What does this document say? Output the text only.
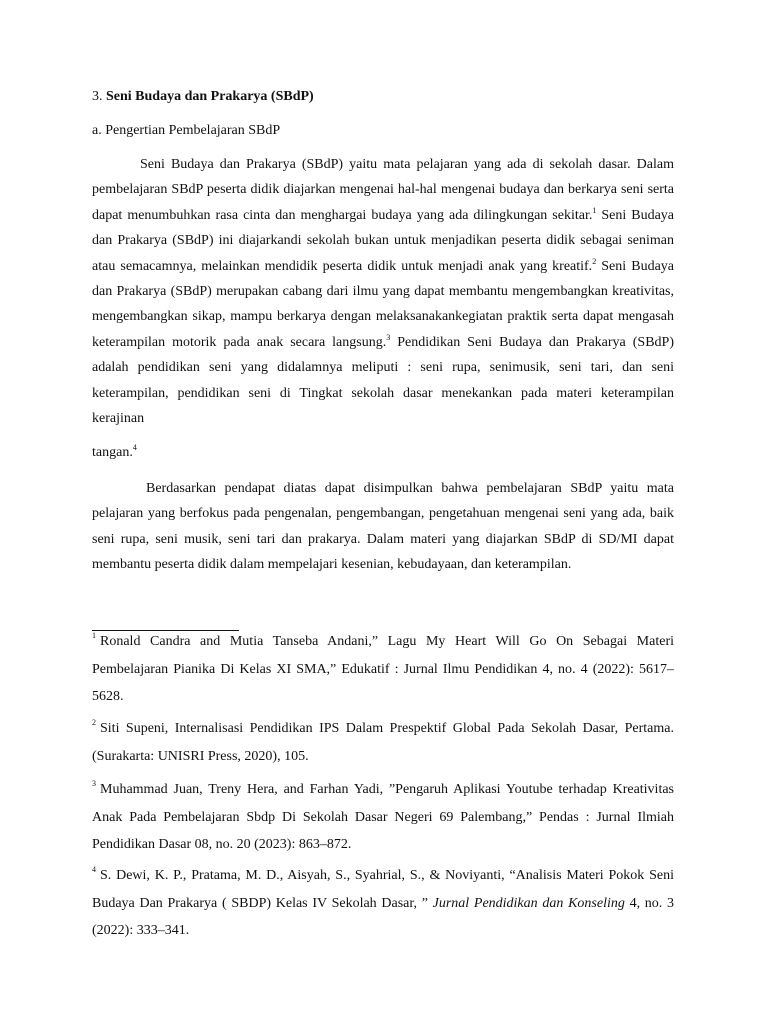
3. Seni Budaya dan Prakarya (SBdP)
a. Pengertian Pembelajaran SBdP

Seni Budaya dan Prakarya (SBdP) yaitu mata pelajaran yang ada di sekolah dasar. Dalam pembelajaran SBdP peserta didik diajarkan mengenai hal-hal mengenai budaya dan berkarya seni serta dapat menumbuhkan rasa cinta dan menghargai budaya yang ada dilingkungan sekitar.$^1$ Seni Budaya dan Prakarya (SBdP) ini diajarkandi sekolah bukan untuk menjadikan peserta didik sebagai seniman atau semacamnya, melainkan mendidik peserta didik untuk menjadi anak yang kreatif.$^2$ Seni Budaya dan Prakarya (SBdP) merupakan cabang dari ilmu yang dapat membantu mengembangkan kreativitas, mengembangkan sikap, mampu berkarya dengan melaksanakankegiatan praktik serta dapat mengasah keterampilan motorik pada anak secara langsung.$^3$ Pendidikan Seni Budaya dan Prakarya (SBdP) adalah pendidikan seni yang didalamnya meliputi : seni rupa, senimusik, seni tari, dan seni keterampilan, pendidikan seni di Tingkat sekolah dasar menekankan pada materi keterampilan kerajinan

tangan.$^4$

Berdasarkan pendapat diatas dapat disimpulkan bahwa pembelajaran SBdP yaitu mata pelajaran yang berfokus pada pengenalan, pengembangan, pengetahuan mengenai seni yang ada, baik seni rupa, seni musik, seni tari dan prakarya. Dalam materi yang diajarkan SBdP di SD/MI dapat membantu peserta didik dalam mempelajari kesenian, kebudayaan, dan keterampilan.

$^1$ Ronald Candra and Mutia Tanseba Andani,” Lagu My Heart Will Go On Sebagai Materi Pembelajaran Pianika Di Kelas XI SMA,” Edukatif : Jurnal Ilmu Pendidikan 4, no. 4 (2022): 5617–5628.

$^2$ Siti Supeni, Internalisasi Pendidikan IPS Dalam Prespektif Global Pada Sekolah Dasar, Pertama. (Surakarta: UNISRI Press, 2020), 105.

$^3$ Muhammad Juan, Treny Hera, and Farhan Yadi, ”Pengaruh Aplikasi Youtube terhadap Kreativitas Anak Pada Pembelajaran Sbdp Di Sekolah Dasar Negeri 69 Palembang,” Pendas : Jurnal Ilmiah Pendidikan Dasar 08, no. 20 (2023): 863–872.

$^4$ S. Dewi, K. P., Pratama, M. D., Aisyah, S., Syahrial, S., & Noviyanti, “Analisis Materi Pokok Seni Budaya Dan Prakarya ( SBDP) Kelas IV Sekolah Dasar, ” Jurnal Pendidikan dan Konseling 4, no. 3 (2022): 333–341.
